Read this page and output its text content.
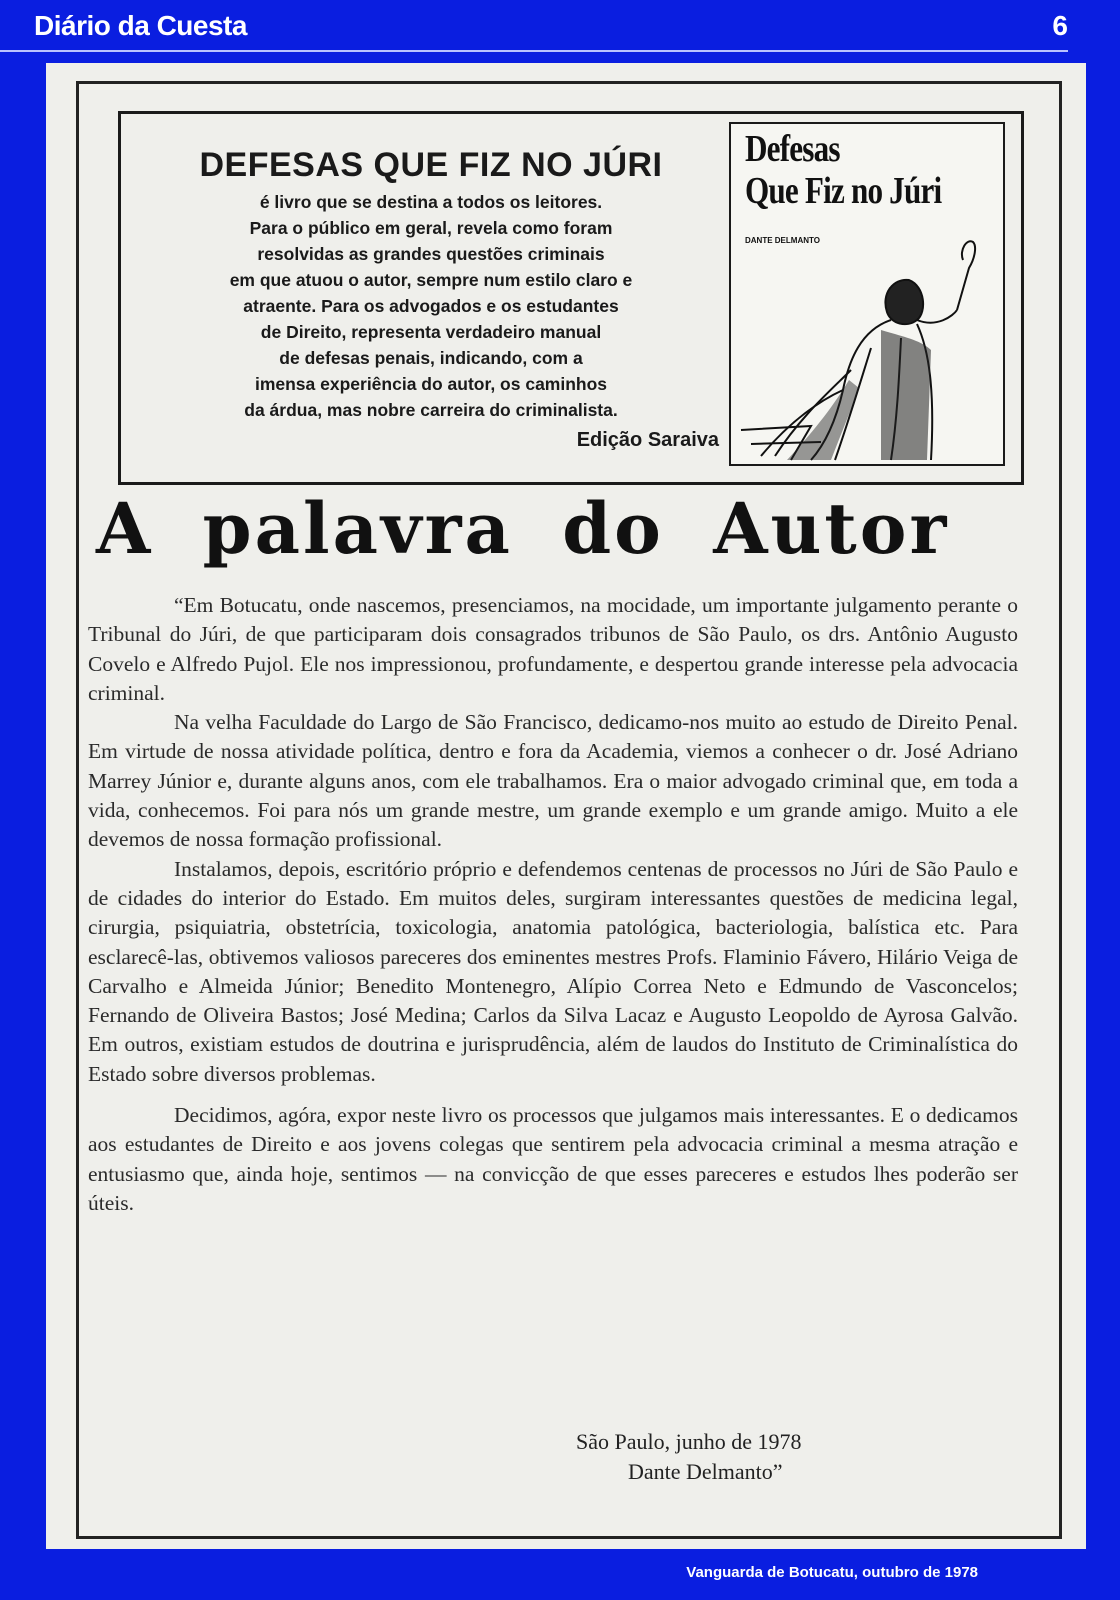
Diário da Cuesta	6
DEFESAS QUE FIZ NO JÚRI
é livro que se destina a todos os leitores.
Para o público em geral, revela como foram
resolvidas as grandes questões criminais
em que atuou o autor, sempre num estilo claro e
atraente. Para os advogados e os estudantes
de Direito, representa verdadeiro manual
de defesas penais, indicando, com a
imensa experiência do autor, os caminhos
da árdua, mas nobre carreira do criminalista.
Edição Saraiva
Defesas
Que Fiz no Júri
DANTE DELMANTO
A palavra do Autor

“Em Botucatu, onde nascemos, presenciamos, na mocidade, um importante julgamento perante o Tribunal do Júri, de que participaram dois consagrados tribunos de São Paulo, os drs. Antônio Augusto Covelo e Alfredo Pujol. Ele nos impressionou, profundamente, e despertou grande interesse pela advocacia criminal.

Na velha Faculdade do Largo de São Francisco, dedicamo-nos muito ao estudo de Direito Penal. Em virtude de nossa atividade política, dentro e fora da Academia, viemos a conhecer o dr. José Adriano Marrey Júnior e, durante alguns anos, com ele trabalhamos. Era o maior advogado criminal que, em toda a vida, conhecemos. Foi para nós um grande mestre, um grande exemplo e um grande amigo. Muito a ele devemos de nossa formação profissional.

Instalamos, depois, escritório próprio e defendemos centenas de processos no Júri de São Paulo e de cidades do interior do Estado. Em muitos deles, surgiram interessantes questões de medicina legal, cirurgia, psiquiatria, obstetrícia, toxicologia, anatomia patológica, bacteriologia, balística etc. Para esclarecê-las, obtivemos valiosos pareceres dos eminentes mestres Profs. Flaminio Fávero, Hilário Veiga de Carvalho e Almeida Júnior; Benedito Montenegro, Alípio Correa Neto e Edmundo de Vasconcelos; Fernando de Oliveira Bastos; José Medina; Carlos da Silva Lacaz e Augusto Leopoldo de Ayrosa Galvão. Em outros, existiam estudos de doutrina e jurisprudência, além de laudos do Instituto de Criminalística do Estado sobre diversos problemas.

Decidimos, agóra, expor neste livro os processos que julgamos mais interessantes. E o dedicamos aos estudantes de Direito e aos jovens colegas que sentirem pela advocacia criminal a mesma atração e entusiasmo que, ainda hoje, sentimos — na convicção de que esses pareceres e estudos lhes poderão ser úteis.

São Paulo, junho de 1978
Dante Delmanto”
Vanguarda de Botucatu, outubro de 1978
